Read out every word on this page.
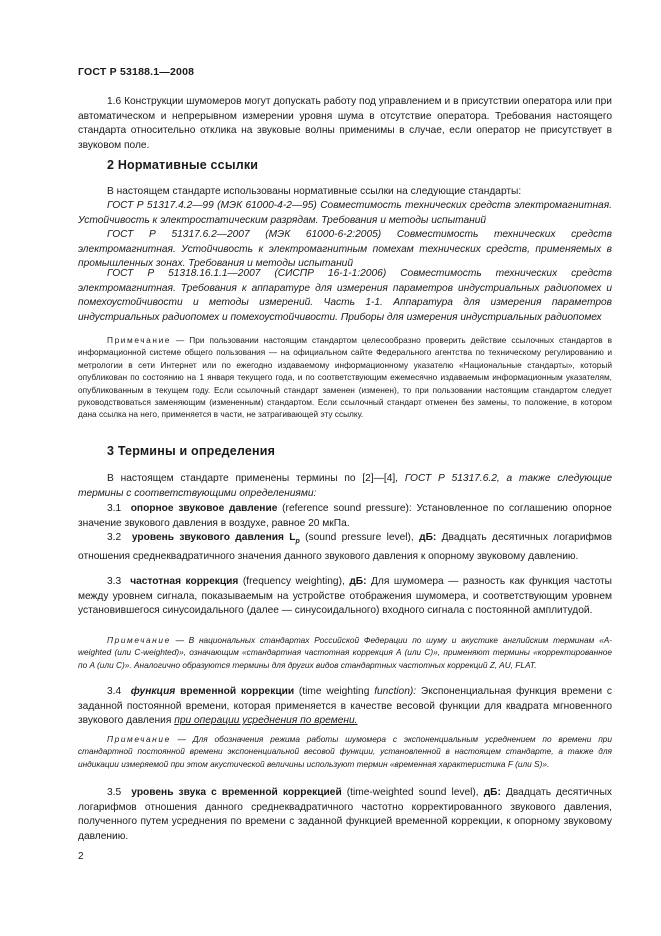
ГОСТ Р 53188.1—2008
1.6 Конструкции шумомеров могут допускать работу под управлением и в присутствии оператора или при автоматическом и непрерывном измерении уровня шума в отсутствие оператора. Требования настоящего стандарта относительно отклика на звуковые волны применимы в случае, если оператор не присутствует в звуковом поле.
2 Нормативные ссылки
В настоящем стандарте использованы нормативные ссылки на следующие стандарты:
ГОСТ Р 51317.4.2—99 (МЭК 61000-4-2—95) Совместимость технических средств электромагнитная. Устойчивость к электростатическим разрядам. Требования и методы испытаний
ГОСТ Р 51317.6.2—2007 (МЭК 61000-6-2:2005) Совместимость технических средств электромагнитная. Устойчивость к электромагнитным помехам технических средств, применяемых в промышленных зонах. Требования и методы испытаний
ГОСТ Р 51318.16.1.1—2007 (СИСПР 16-1-1:2006) Совместимость технических средств электромагнитная. Требования к аппаратуре для измерения параметров индустриальных радиопомех и помехоустойчивости и методы измерений. Часть 1-1. Аппаратура для измерения параметров индустриальных радиопомех и помехоустойчивости. Приборы для измерения индустриальных радиопомех
Примечание — При пользовании настоящим стандартом целесообразно проверить действие ссылочных стандартов в информационной системе общего пользования — на официальном сайте Федерального агентства по техническому регулированию и метрологии в сети Интернет или по ежегодно издаваемому информационному указателю «Национальные стандарты», который опубликован по состоянию на 1 января текущего года, и по соответствующим ежемесячно издаваемым информационным указателям, опубликованным в текущем году. Если ссылочный стандарт заменен (изменен), то при пользовании настоящим стандартом следует руководствоваться заменяющим (измененным) стандартом. Если ссылочный стандарт отменен без замены, то положение, в котором дана ссылка на него, применяется в части, не затрагивающей эту ссылку.
3 Термины и определения
В настоящем стандарте применены термины по [2]—[4], ГОСТ Р 51317.6.2, а также следующие термины с соответствующими определениями:
3.1 опорное звуковое давление (reference sound pressure): Установленное по соглашению опорное значение звукового давления в воздухе, равное 20 мкПа.
3.2 уровень звукового давления $L_p$ (sound pressure level), дБ: Двадцать десятичных логарифмов отношения среднеквадратичного значения данного звукового давления к опорному звуковому давлению.
3.3 частотная коррекция (frequency weighting), дБ: Для шумомера — разность как функция частоты между уровнем сигнала, показываемым на устройстве отображения шумомера, и соответствующим уровнем установившегося синусоидального (далее — синусоидального) входного сигнала с постоянной амплитудой.
Примечание — В национальных стандартах Российской Федерации по шуму и акустике английским терминам «A-weighted (или C-weighted)», означающим «стандартная частотная коррекция A (или C)», применяют термины «корректированное по A (или C)». Аналогично образуются термины для других видов стандартных частотных коррекций Z, AU, FLAT.
3.4 функция временной коррекции (time weighting function): Экспоненциальная функция времени с заданной постоянной времени, которая применяется в качестве весовой функции для квадрата мгновенного звукового давления при операции усреднения по времени.
Примечание — Для обозначения режима работы шумомера с экспоненциальным усреднением по времени при стандартной постоянной времени экспоненциальной весовой функции, установленной в настоящем стандарте, а также для индикации измеряемой при этом акустической величины используют термин «временная характеристика F (или S)».
3.5 уровень звука с временной коррекцией (time-weighted sound level), дБ: Двадцать десятичных логарифмов отношения данного среднеквадратичного частотно корректированного звукового давления, полученного путем усреднения по времени с заданной функцией временной коррекции, к опорному звуковому давлению.
2
